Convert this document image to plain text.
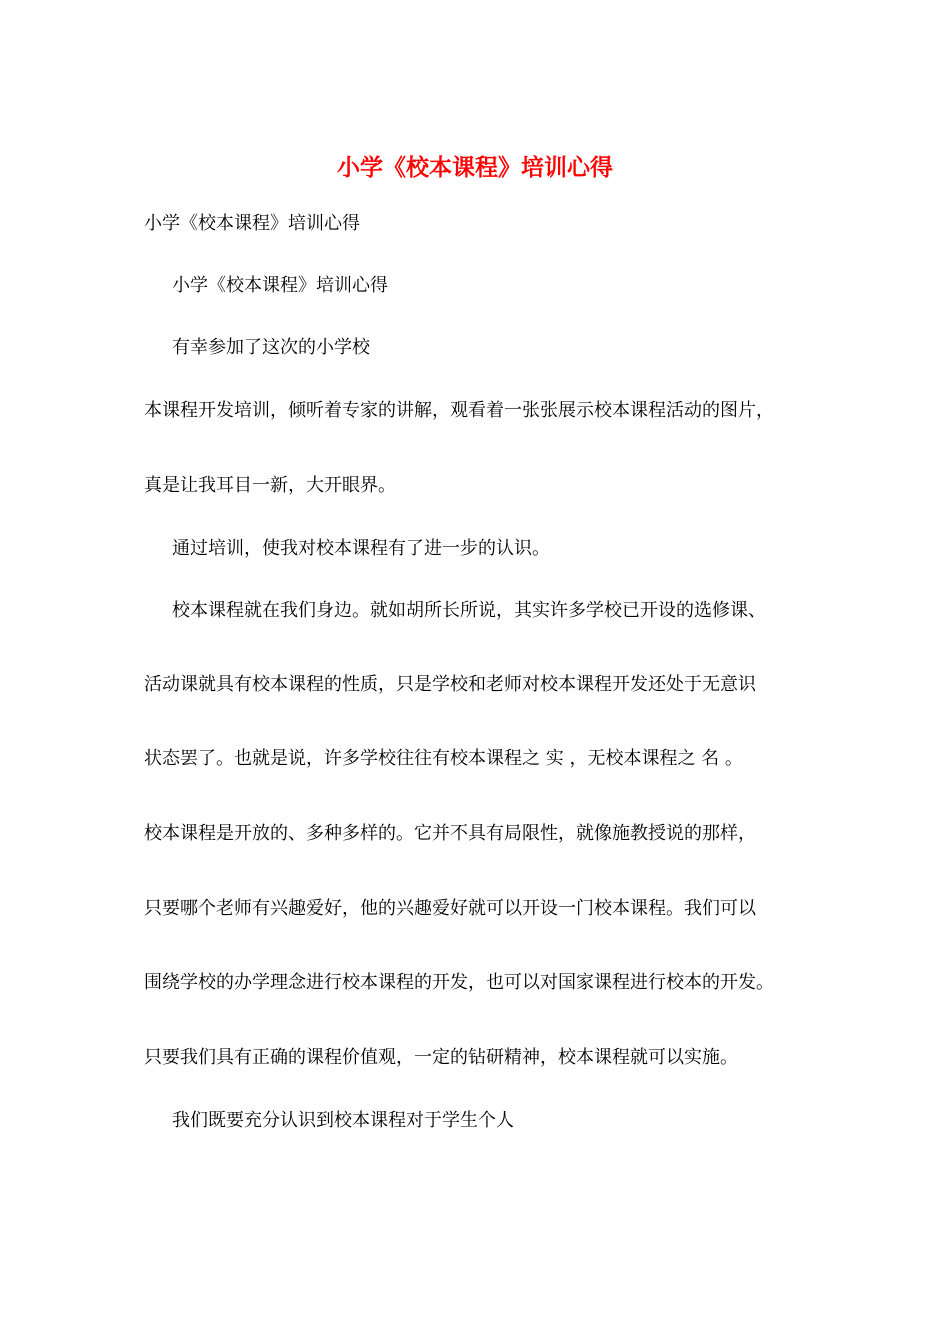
小学《校本课程》培训心得
小学《校本课程》培训心得
小学《校本课程》培训心得
有幸参加了这次的小学校
本课程开发培训，倾听着专家的讲解，观看着一张张展示校本课程活动的图片，
真是让我耳目一新，大开眼界。
通过培训，使我对校本课程有了进一步的认识。
校本课程就在我们身边。就如胡所长所说，其实许多学校已开设的选修课、
活动课就具有校本课程的性质，只是学校和老师对校本课程开发还处于无意识
状态罢了。也就是说，许多学校往往有校本课程之 实 ，无校本课程之 名 。
校本课程是开放的、多种多样的。它并不具有局限性，就像施教授说的那样，
只要哪个老师有兴趣爱好，他的兴趣爱好就可以开设一门校本课程。我们可以
围绕学校的办学理念进行校本课程的开发，也可以对国家课程进行校本的开发。
只要我们具有正确的课程价值观，一定的钻研精神，校本课程就可以实施。
我们既要充分认识到校本课程对于学生个人
